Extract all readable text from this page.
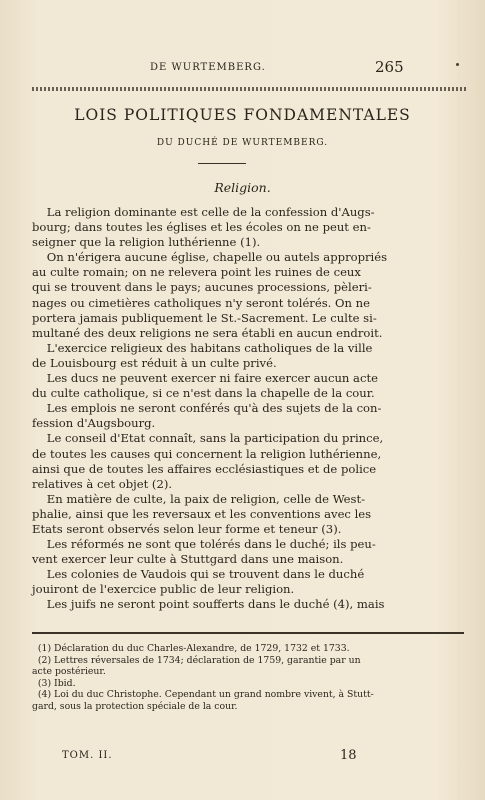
DE WURTEMBERG.	265
LOIS POLITIQUES FONDAMENTALES
DU DUCHÉ DE WURTEMBERG.
Religion.
La religion dominante est celle de la confession d'Augs-
bourg; dans toutes les églises et les écoles on ne peut en-
seigner que la religion luthérienne (1).
On n'érigera aucune église, chapelle ou autels appropriés
au culte romain; on ne relevera point les ruines de ceux
qui se trouvent dans le pays; aucunes processions, pèleri-
nages ou cimetières catholiques n'y seront tolérés. On ne
portera jamais publiquement le St.-Sacrement. Le culte si-
multané des deux religions ne sera établi en aucun endroit.
L'exercice religieux des habitans catholiques de la ville
de Louisbourg est réduit à un culte privé.
Les ducs ne peuvent exercer ni faire exercer aucun acte
du culte catholique, si ce n'est dans la chapelle de la cour.
Les emplois ne seront conférés qu'à des sujets de la con-
fession d'Augsbourg.
Le conseil d'Etat connaît, sans la participation du prince,
de toutes les causes qui concernent la religion luthérienne,
ainsi que de toutes les affaires ecclésiastiques et de police
relatives à cet objet (2).
En matière de culte, la paix de religion, celle de West-
phalie, ainsi que les reversaux et les conventions avec les
Etats seront observés selon leur forme et teneur (3).
Les réformés ne sont que tolérés dans le duché; ils peu-
vent exercer leur culte à Stuttgard dans une maison.
Les colonies de Vaudois qui se trouvent dans le duché
jouiront de l'exercice public de leur religion.
Les juifs ne seront point soufferts dans le duché (4), mais
(1) Déclaration du duc Charles-Alexandre, de 1729, 1732 et 1733.
(2) Lettres réversales de 1734; déclaration de 1759, garantie par un
acte postérieur.
(3) Ibid.
(4) Loi du duc Christophe. Cependant un grand nombre vivent, à Stutt-
gard, sous la protection spéciale de la cour.
TOM. II.	18
